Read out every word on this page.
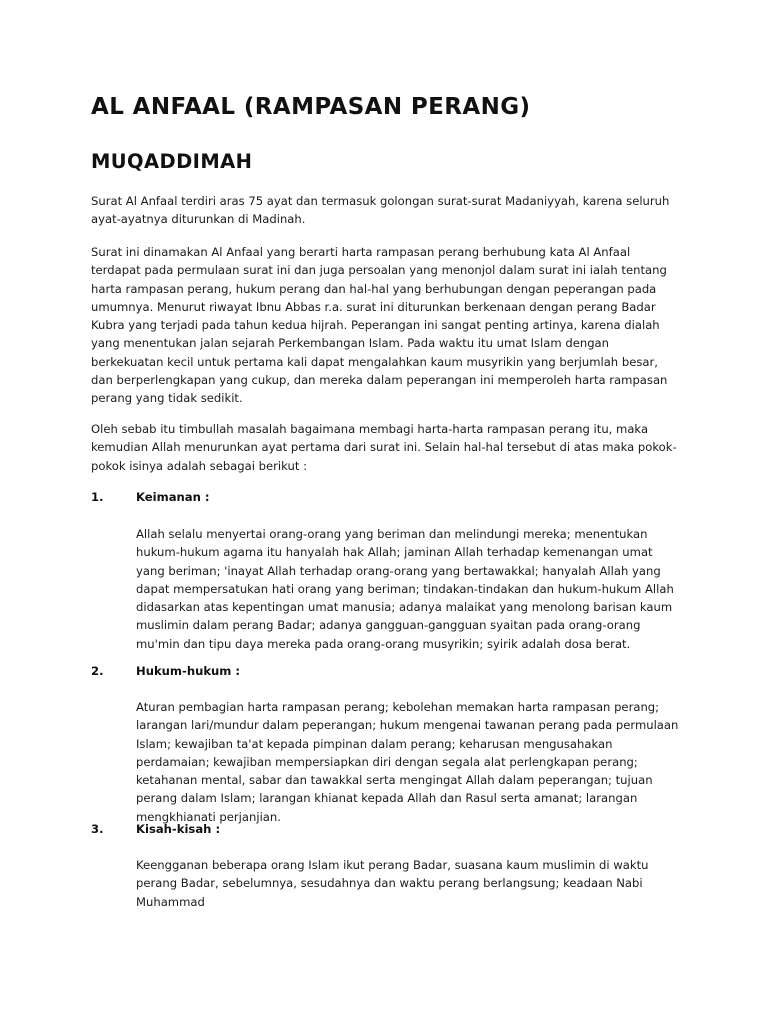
AL ANFAAL (RAMPASAN PERANG)
MUQADDIMAH

Surat Al Anfaal terdiri aras 75 ayat dan termasuk golongan surat-surat Madaniyyah, karena seluruh ayat-ayatnya diturunkan di Madinah.

Surat ini dinamakan Al Anfaal yang berarti harta rampasan perang berhubung kata Al Anfaal terdapat pada permulaan surat ini dan juga persoalan yang menonjol dalam surat ini ialah tentang harta rampasan perang, hukum perang dan hal-hal yang berhubungan dengan peperangan pada umumnya. Menurut riwayat Ibnu Abbas r.a. surat ini diturunkan berkenaan dengan perang Badar Kubra yang terjadi pada tahun kedua hijrah. Peperangan ini sangat penting artinya, karena dialah yang menentukan jalan sejarah Perkembangan Islam. Pada waktu itu umat Islam dengan berkekuatan kecil untuk pertama kali dapat mengalahkan kaum musyrikin yang berjumlah besar, dan berperlengkapan yang cukup, dan mereka dalam peperangan ini memperoleh harta rampasan perang yang tidak sedikit.

Oleh sebab itu timbullah masalah bagaimana membagi harta-harta rampasan perang itu, maka kemudian Allah menurunkan ayat pertama dari surat ini. Selain hal-hal tersebut di atas maka pokok-pokok isinya adalah sebagai berikut :

1.	Keimanan :

Allah selalu menyertai orang-orang yang beriman dan melindungi mereka; menentukan hukum-hukum agama itu hanyalah hak Allah; jaminan Allah terhadap kemenangan umat yang beriman; 'inayat Allah terhadap orang-orang yang bertawakkal; hanyalah Allah yang dapat mempersatukan hati orang yang beriman; tindakan-tindakan dan hukum-hukum Allah didasarkan atas kepentingan umat manusia; adanya malaikat yang menolong barisan kaum muslimin dalam perang Badar; adanya gangguan-gangguan syaitan pada orang-orang mu'min dan tipu daya mereka pada orang-orang musyrikin; syirik adalah dosa berat.

2.	Hukum-hukum :

Aturan pembagian harta rampasan perang; kebolehan memakan harta rampasan perang; larangan lari/mundur dalam peperangan; hukum mengenai tawanan perang pada permulaan Islam; kewajiban ta'at kepada pimpinan dalam perang; keharusan mengusahakan perdamaian; kewajiban mempersiapkan diri dengan segala alat perlengkapan perang; ketahanan mental, sabar dan tawakkal serta mengingat Allah dalam peperangan; tujuan perang dalam Islam; larangan khianat kepada Allah dan Rasul serta amanat; larangan mengkhianati perjanjian.

3.	Kisah-kisah :

Keengganan beberapa orang Islam ikut perang Badar, suasana kaum muslimin di waktu perang Badar, sebelumnya, sesudahnya dan waktu perang berlangsung; keadaan Nabi Muhammad
